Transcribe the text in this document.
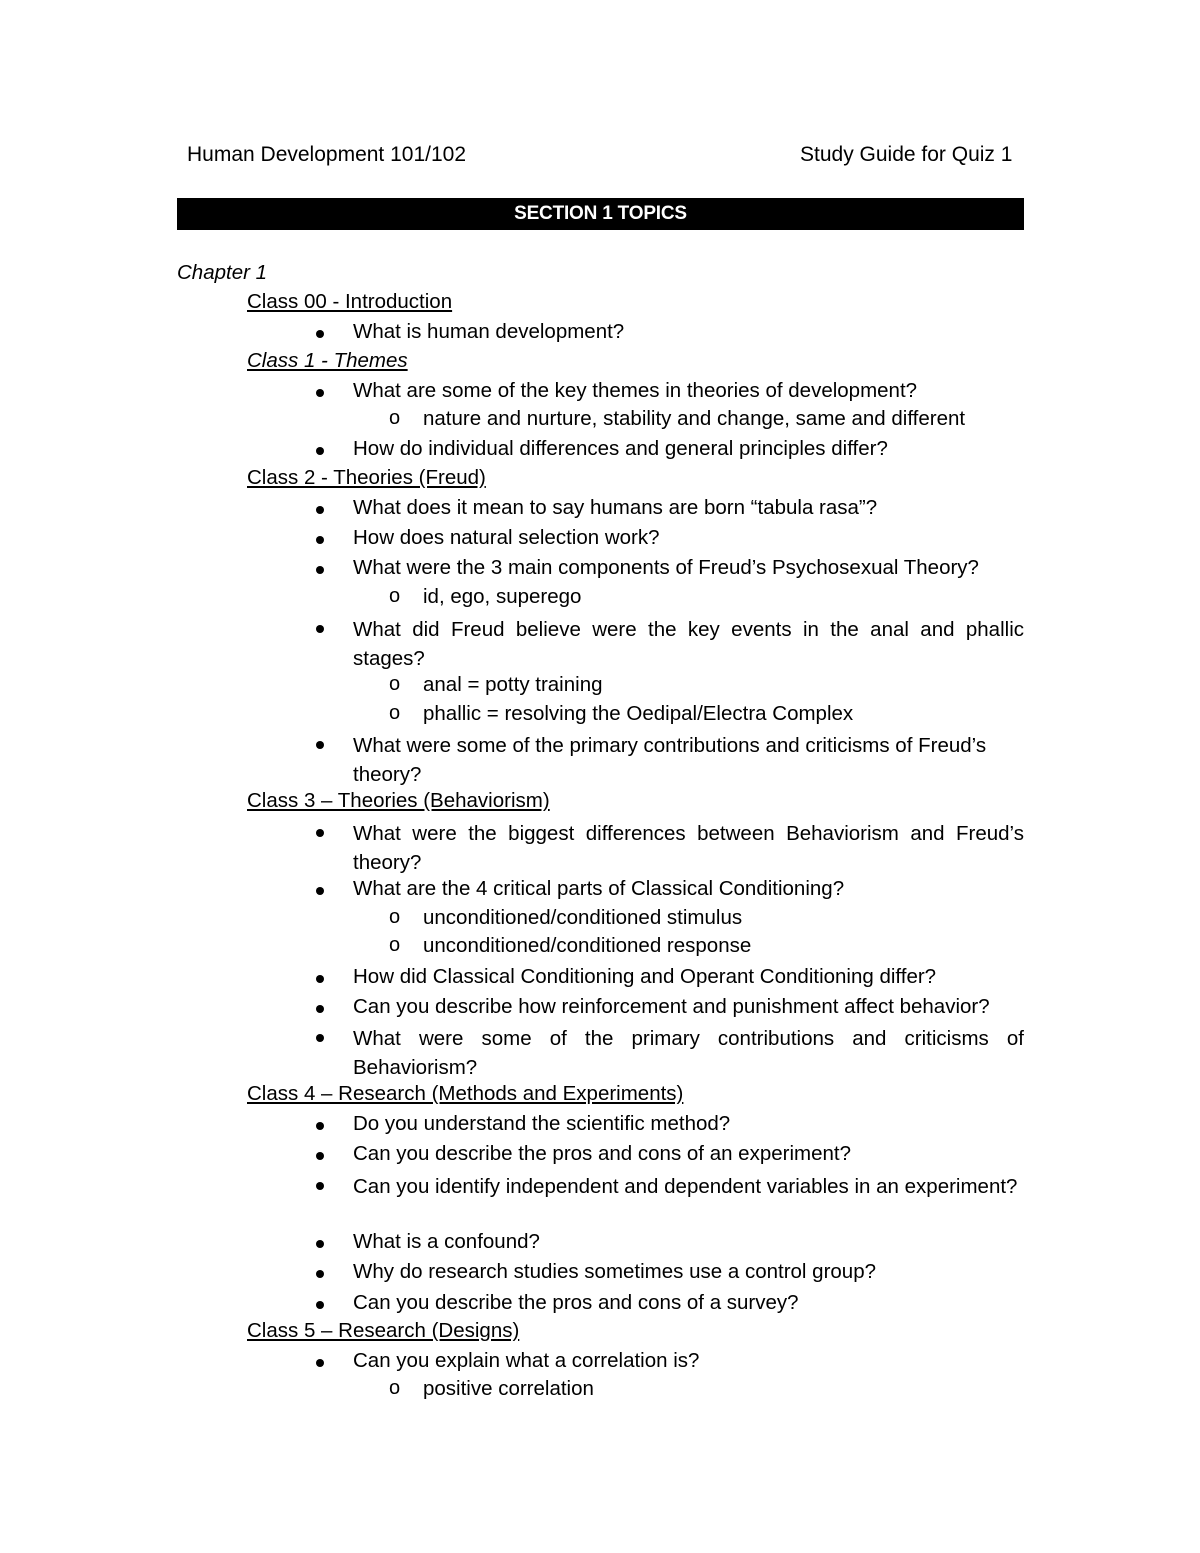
Human Development 101/102	Study Guide for Quiz 1
SECTION 1 TOPICS
Chapter 1
Class 00 - Introduction
What is human development?
Class 1 - Themes
What are some of the key themes in theories of development?
o nature and nurture, stability and change, same and different
How do individual differences and general principles differ?
Class 2 - Theories (Freud)
What does it mean to say humans are born “tabula rasa”?
How does natural selection work?
What were the 3 main components of Freud’s Psychosexual Theory?
o id, ego, superego
What did Freud believe were the key events in the anal and phallic stages?
o anal = potty training
o phallic = resolving the Oedipal/Electra Complex
What were some of the primary contributions and criticisms of Freud’s theory?
Class 3 – Theories (Behaviorism)
What were the biggest differences between Behaviorism and Freud’s theory?
What are the 4 critical parts of Classical Conditioning?
o unconditioned/conditioned stimulus
o unconditioned/conditioned response
How did Classical Conditioning and Operant Conditioning differ?
Can you describe how reinforcement and punishment affect behavior?
What were some of the primary contributions and criticisms of Behaviorism?
Class 4 – Research (Methods and Experiments)
Do you understand the scientific method?
Can you describe the pros and cons of an experiment?
Can you identify independent and dependent variables in an experiment?
What is a confound?
Why do research studies sometimes use a control group?
Can you describe the pros and cons of a survey?
Class 5 – Research (Designs)
Can you explain what a correlation is?
o positive correlation
